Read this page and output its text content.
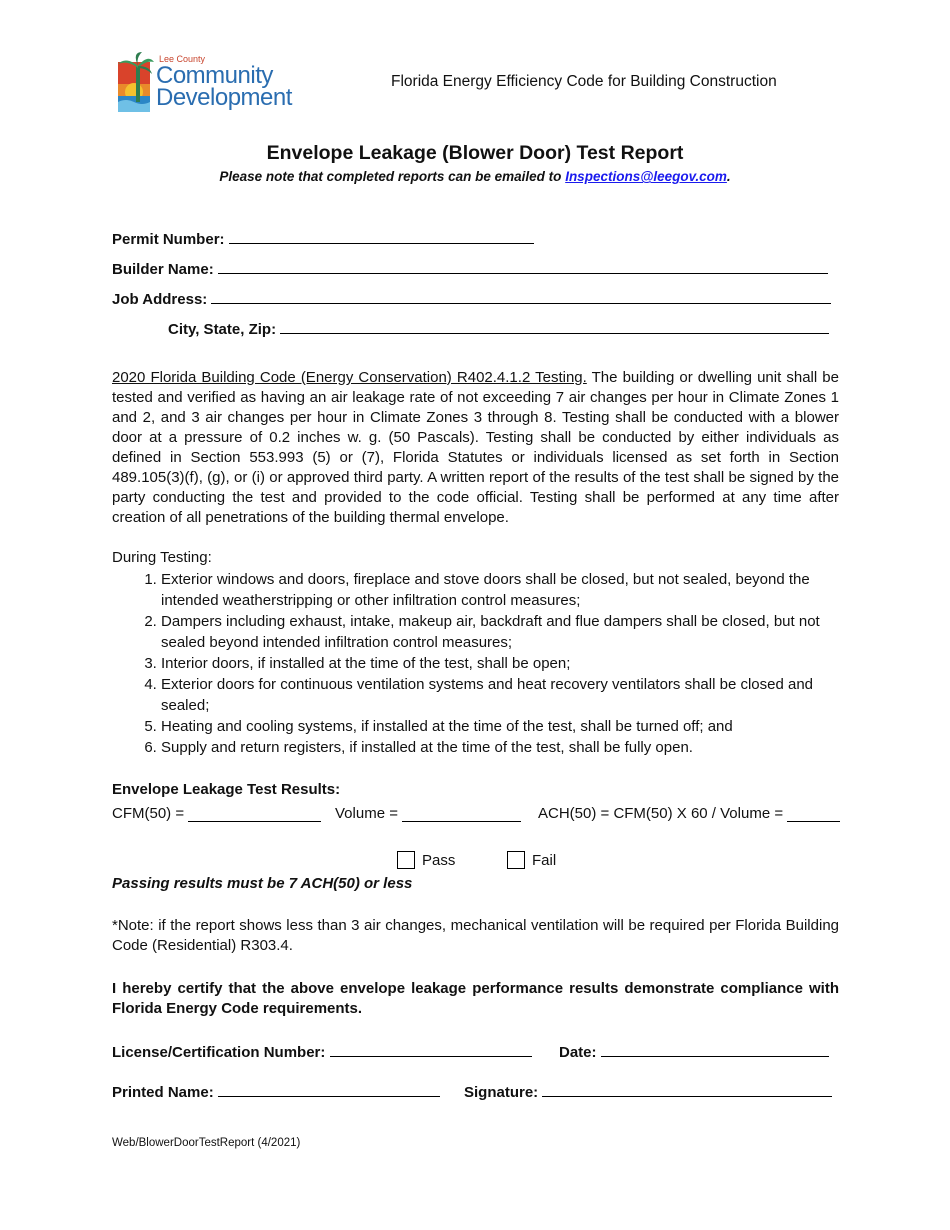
Lee County
Community
Development
Florida Energy Efficiency Code for Building Construction
Envelope Leakage (Blower Door) Test Report
Please note that completed reports can be emailed to Inspections@leegov.com.
Permit Number:
Builder Name:
Job Address:
City, State, Zip:
2020 Florida Building Code (Energy Conservation) R402.4.1.2 Testing. The building or dwelling unit shall be tested and verified as having an air leakage rate of not exceeding 7 air changes per hour in Climate Zones 1 and 2, and 3 air changes per hour in Climate Zones 3 through 8. Testing shall be conducted with a blower door at a pressure of 0.2 inches w. g. (50 Pascals). Testing shall be conducted by either individuals as defined in Section 553.993 (5) or (7), Florida Statutes or individuals licensed as set forth in Section 489.105(3)(f), (g), or (i) or approved third party. A written report of the results of the test shall be signed by the party conducting the test and provided to the code official. Testing shall be performed at any time after creation of all penetrations of the building thermal envelope.
During Testing:
1. Exterior windows and doors, fireplace and stove doors shall be closed, but not sealed, beyond the intended weatherstripping or other infiltration control measures;
2. Dampers including exhaust, intake, makeup air, backdraft and flue dampers shall be closed, but not sealed beyond intended infiltration control measures;
3. Interior doors, if installed at the time of the test, shall be open;
4. Exterior doors for continuous ventilation systems and heat recovery ventilators shall be closed and sealed;
5. Heating and cooling systems, if installed at the time of the test, shall be turned off; and
6. Supply and return registers, if installed at the time of the test, shall be fully open.
Envelope Leakage Test Results:
CFM(50) =	Volume =	ACH(50) = CFM(50) X 60 / Volume =
Pass	Fail
Passing results must be 7 ACH(50) or less
*Note: if the report shows less than 3 air changes, mechanical ventilation will be required per Florida Building Code (Residential) R303.4.
I hereby certify that the above envelope leakage performance results demonstrate compliance with Florida Energy Code requirements.
License/Certification Number:	Date:
Printed Name:	Signature:
Web/BlowerDoorTestReport (4/2021)
